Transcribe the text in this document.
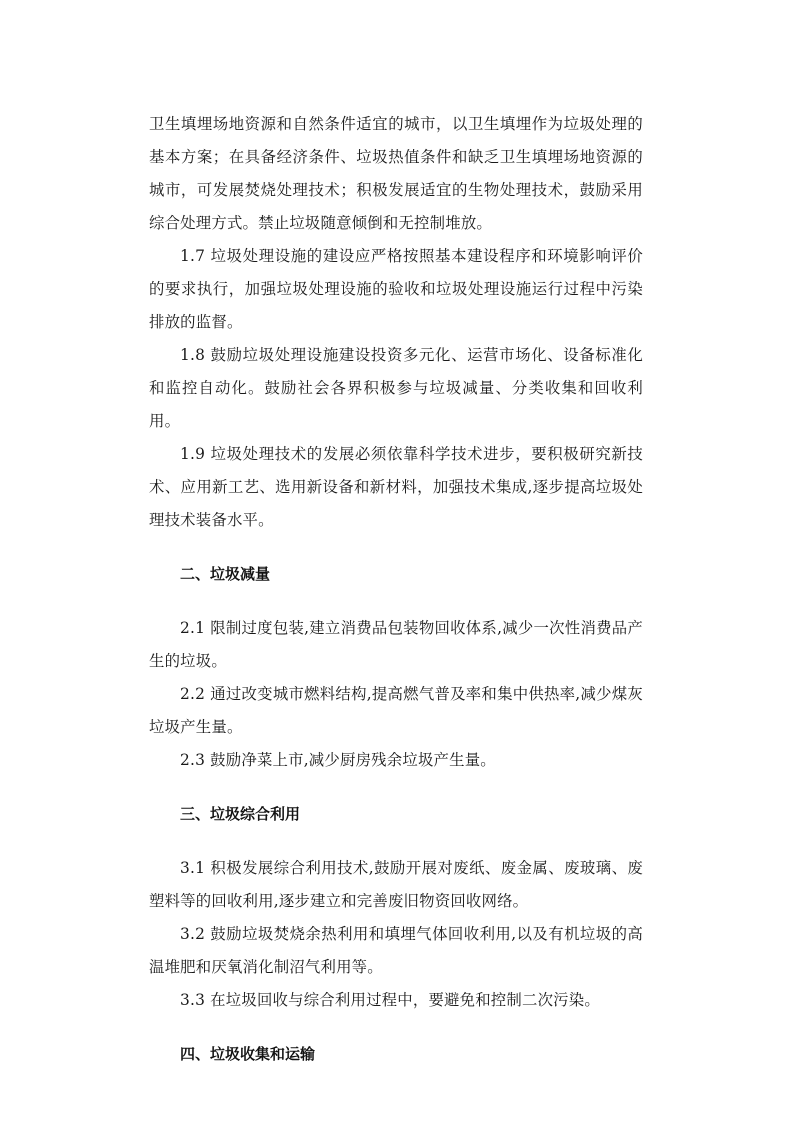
卫生填埋场地资源和自然条件适宜的城市，以卫生填埋作为垃圾处理的基本方案；在具备经济条件、垃圾热值条件和缺乏卫生填埋场地资源的城市，可发展焚烧处理技术；积极发展适宜的生物处理技术，鼓励采用综合处理方式。禁止垃圾随意倾倒和无控制堆放。

1.7 垃圾处理设施的建设应严格按照基本建设程序和环境影响评价的要求执行，加强垃圾处理设施的验收和垃圾处理设施运行过程中污染排放的监督。

1.8 鼓励垃圾处理设施建设投资多元化、运营市场化、设备标准化和监控自动化。鼓励社会各界积极参与垃圾减量、分类收集和回收利用。

1.9 垃圾处理技术的发展必须依靠科学技术进步，要积极研究新技术、应用新工艺、选用新设备和新材料，加强技术集成,逐步提高垃圾处理技术装备水平。

二、垃圾减量

2.1 限制过度包装,建立消费品包装物回收体系,减少一次性消费品产生的垃圾。

2.2 通过改变城市燃料结构,提高燃气普及率和集中供热率,减少煤灰垃圾产生量。

2.3 鼓励净菜上市,减少厨房残余垃圾产生量。

三、垃圾综合利用

3.1 积极发展综合利用技术,鼓励开展对废纸、废金属、废玻璃、废塑料等的回收利用,逐步建立和完善废旧物资回收网络。

3.2 鼓励垃圾焚烧余热利用和填埋气体回收利用,以及有机垃圾的高温堆肥和厌氧消化制沼气利用等。

3.3 在垃圾回收与综合利用过程中，要避免和控制二次污染。

四、垃圾收集和运输
